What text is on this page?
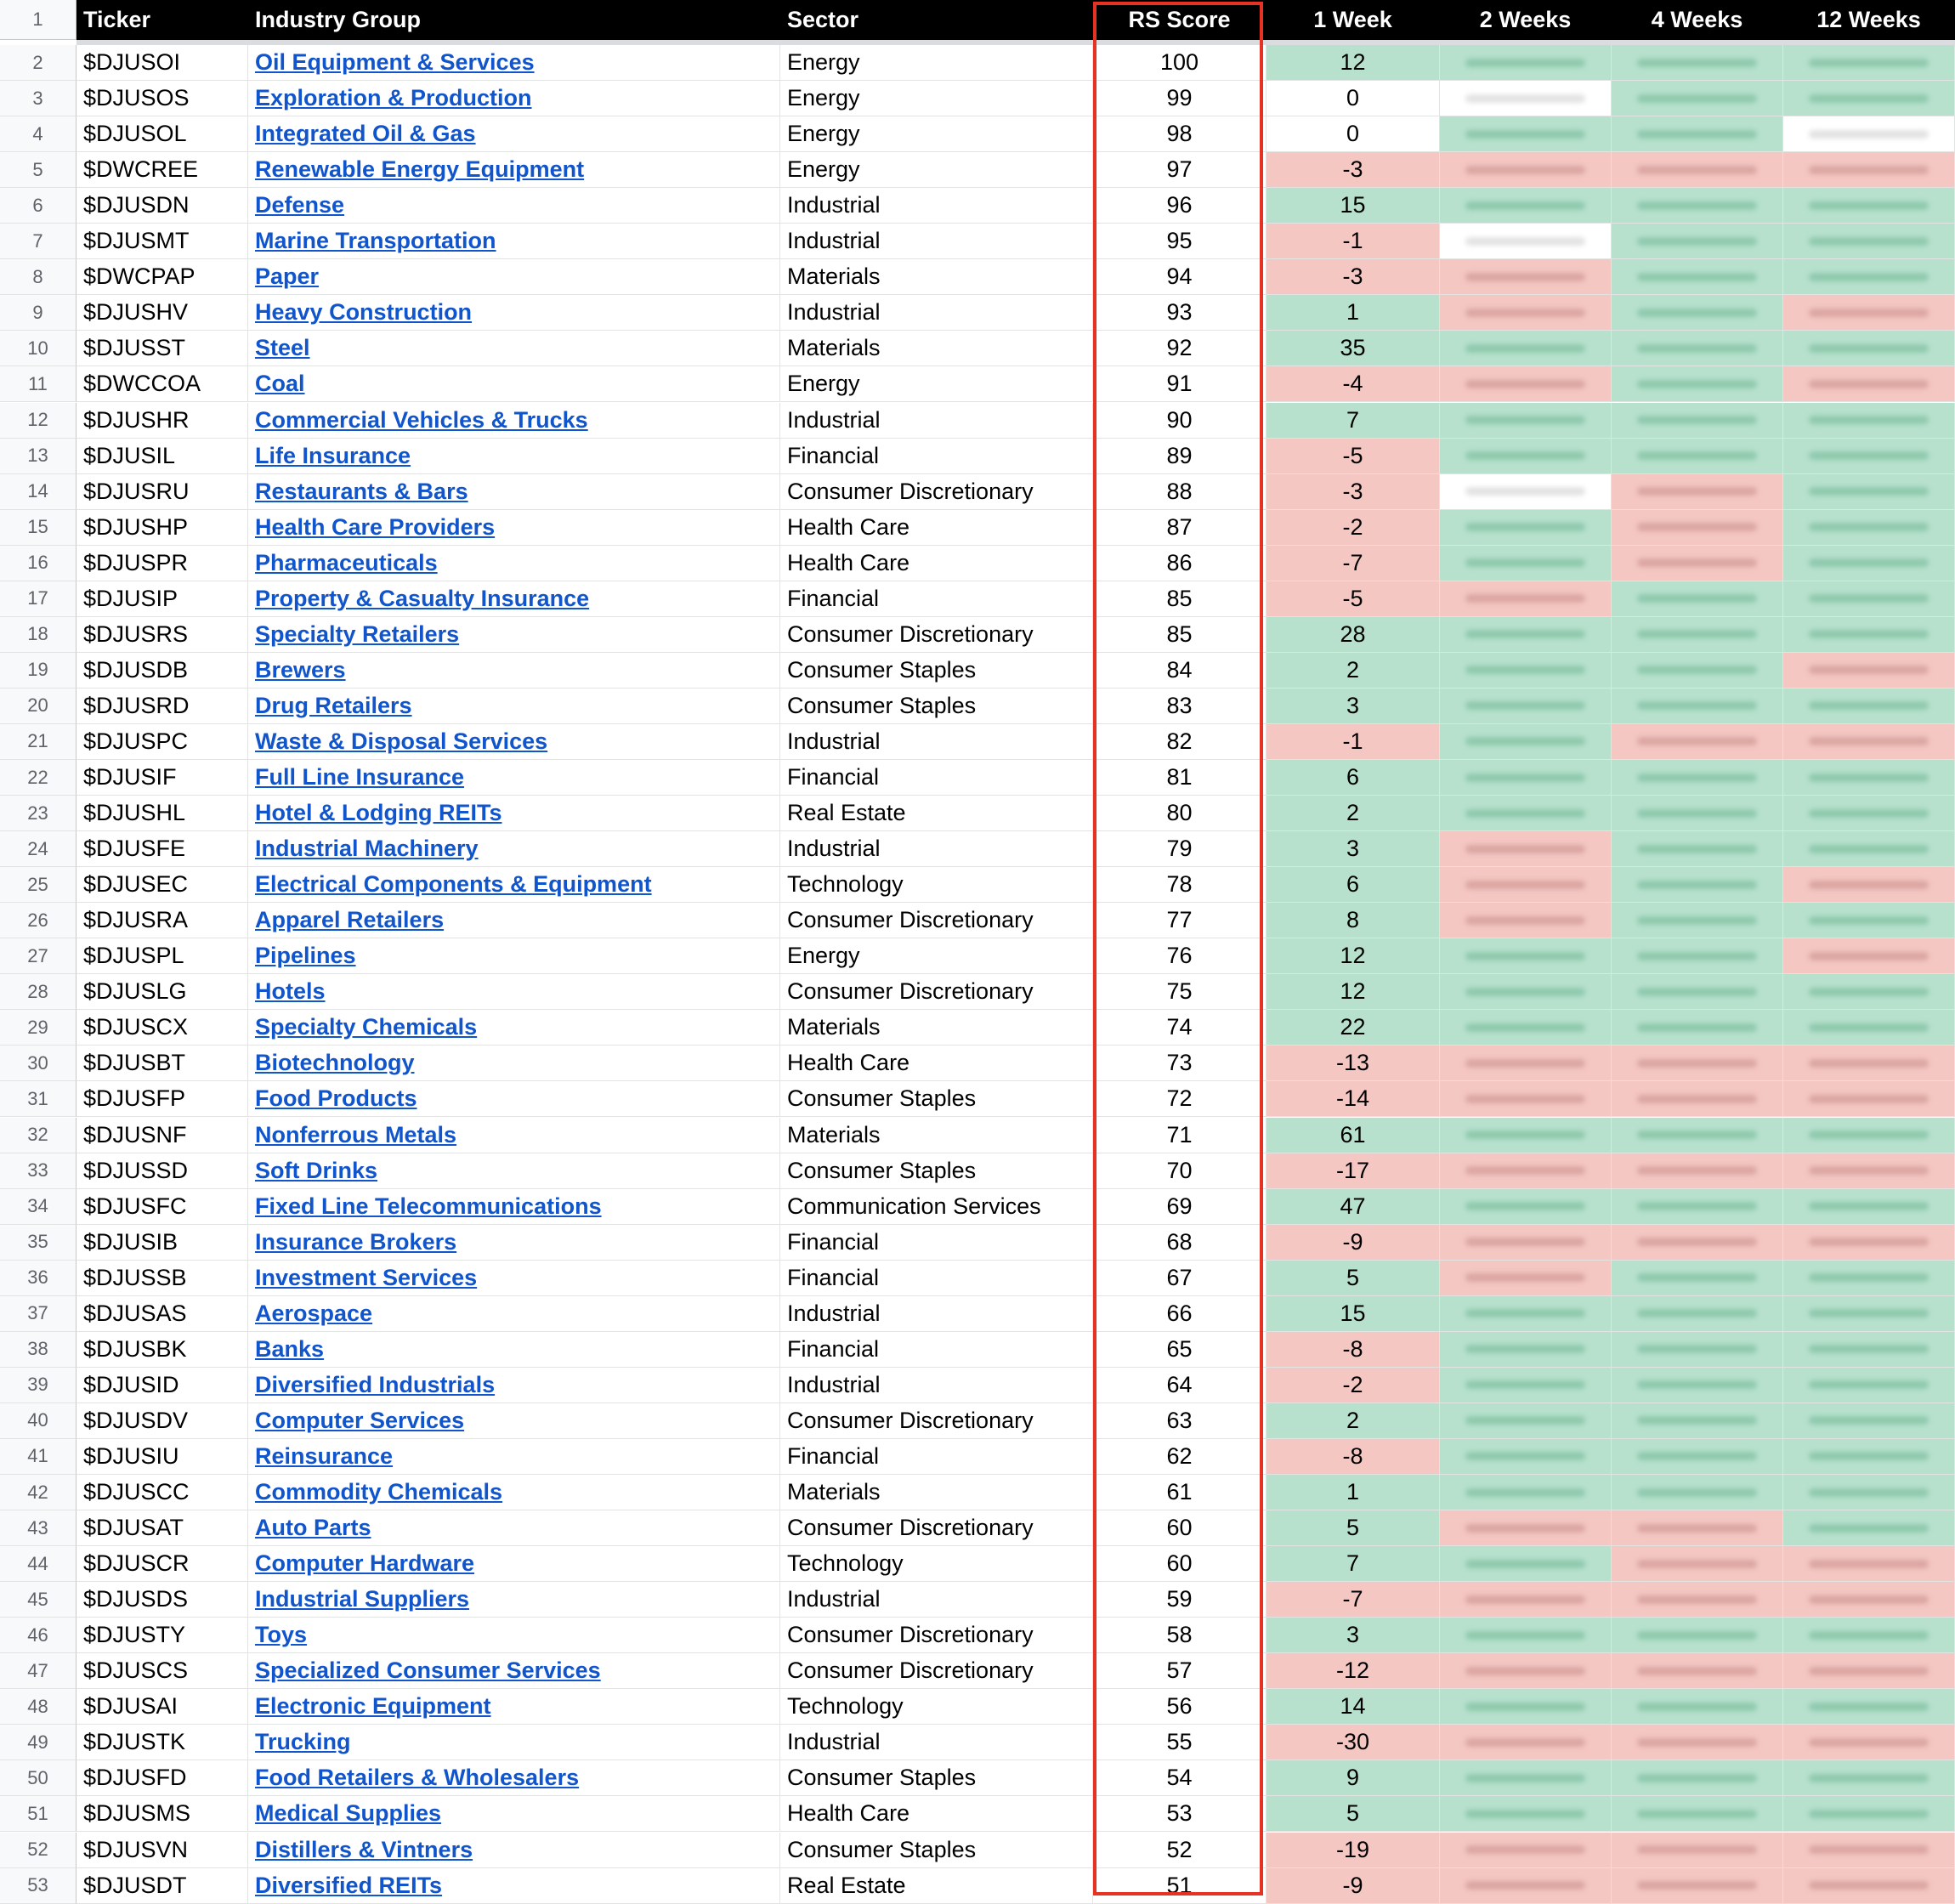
1	Ticker	Industry Group	Sector	RS Score	1 Week	2 Weeks	4 Weeks	12 Weeks
2	$DJUSOI	Oil Equipment & Services	Energy	100	12
3	$DJUSOS	Exploration & Production	Energy	99	0
4	$DJUSOL	Integrated Oil & Gas	Energy	98	0
5	$DWCREE	Renewable Energy Equipment	Energy	97	-3
6	$DJUSDN	Defense	Industrial	96	15
7	$DJUSMT	Marine Transportation	Industrial	95	-1
8	$DWCPAP	Paper	Materials	94	-3
9	$DJUSHV	Heavy Construction	Industrial	93	1
10	$DJUSST	Steel	Materials	92	35
11	$DWCCOA	Coal	Energy	91	-4
12	$DJUSHR	Commercial Vehicles & Trucks	Industrial	90	7
13	$DJUSIL	Life Insurance	Financial	89	-5
14	$DJUSRU	Restaurants & Bars	Consumer Discretionary	88	-3
15	$DJUSHP	Health Care Providers	Health Care	87	-2
16	$DJUSPR	Pharmaceuticals	Health Care	86	-7
17	$DJUSIP	Property & Casualty Insurance	Financial	85	-5
18	$DJUSRS	Specialty Retailers	Consumer Discretionary	85	28
19	$DJUSDB	Brewers	Consumer Staples	84	2
20	$DJUSRD	Drug Retailers	Consumer Staples	83	3
21	$DJUSPC	Waste & Disposal Services	Industrial	82	-1
22	$DJUSIF	Full Line Insurance	Financial	81	6
23	$DJUSHL	Hotel & Lodging REITs	Real Estate	80	2
24	$DJUSFE	Industrial Machinery	Industrial	79	3
25	$DJUSEC	Electrical Components & Equipment	Technology	78	6
26	$DJUSRA	Apparel Retailers	Consumer Discretionary	77	8
27	$DJUSPL	Pipelines	Energy	76	12
28	$DJUSLG	Hotels	Consumer Discretionary	75	12
29	$DJUSCX	Specialty Chemicals	Materials	74	22
30	$DJUSBT	Biotechnology	Health Care	73	-13
31	$DJUSFP	Food Products	Consumer Staples	72	-14
32	$DJUSNF	Nonferrous Metals	Materials	71	61
33	$DJUSSD	Soft Drinks	Consumer Staples	70	-17
34	$DJUSFC	Fixed Line Telecommunications	Communication Services	69	47
35	$DJUSIB	Insurance Brokers	Financial	68	-9
36	$DJUSSB	Investment Services	Financial	67	5
37	$DJUSAS	Aerospace	Industrial	66	15
38	$DJUSBK	Banks	Financial	65	-8
39	$DJUSID	Diversified Industrials	Industrial	64	-2
40	$DJUSDV	Computer Services	Consumer Discretionary	63	2
41	$DJUSIU	Reinsurance	Financial	62	-8
42	$DJUSCC	Commodity Chemicals	Materials	61	1
43	$DJUSAT	Auto Parts	Consumer Discretionary	60	5
44	$DJUSCR	Computer Hardware	Technology	60	7
45	$DJUSDS	Industrial Suppliers	Industrial	59	-7
46	$DJUSTY	Toys	Consumer Discretionary	58	3
47	$DJUSCS	Specialized Consumer Services	Consumer Discretionary	57	-12
48	$DJUSAI	Electronic Equipment	Technology	56	14
49	$DJUSTK	Trucking	Industrial	55	-30
50	$DJUSFD	Food Retailers & Wholesalers	Consumer Staples	54	9
51	$DJUSMS	Medical Supplies	Health Care	53	5
52	$DJUSVN	Distillers & Vintners	Consumer Staples	52	-19
53	$DJUSDT	Diversified REITs	Real Estate	51	-9
